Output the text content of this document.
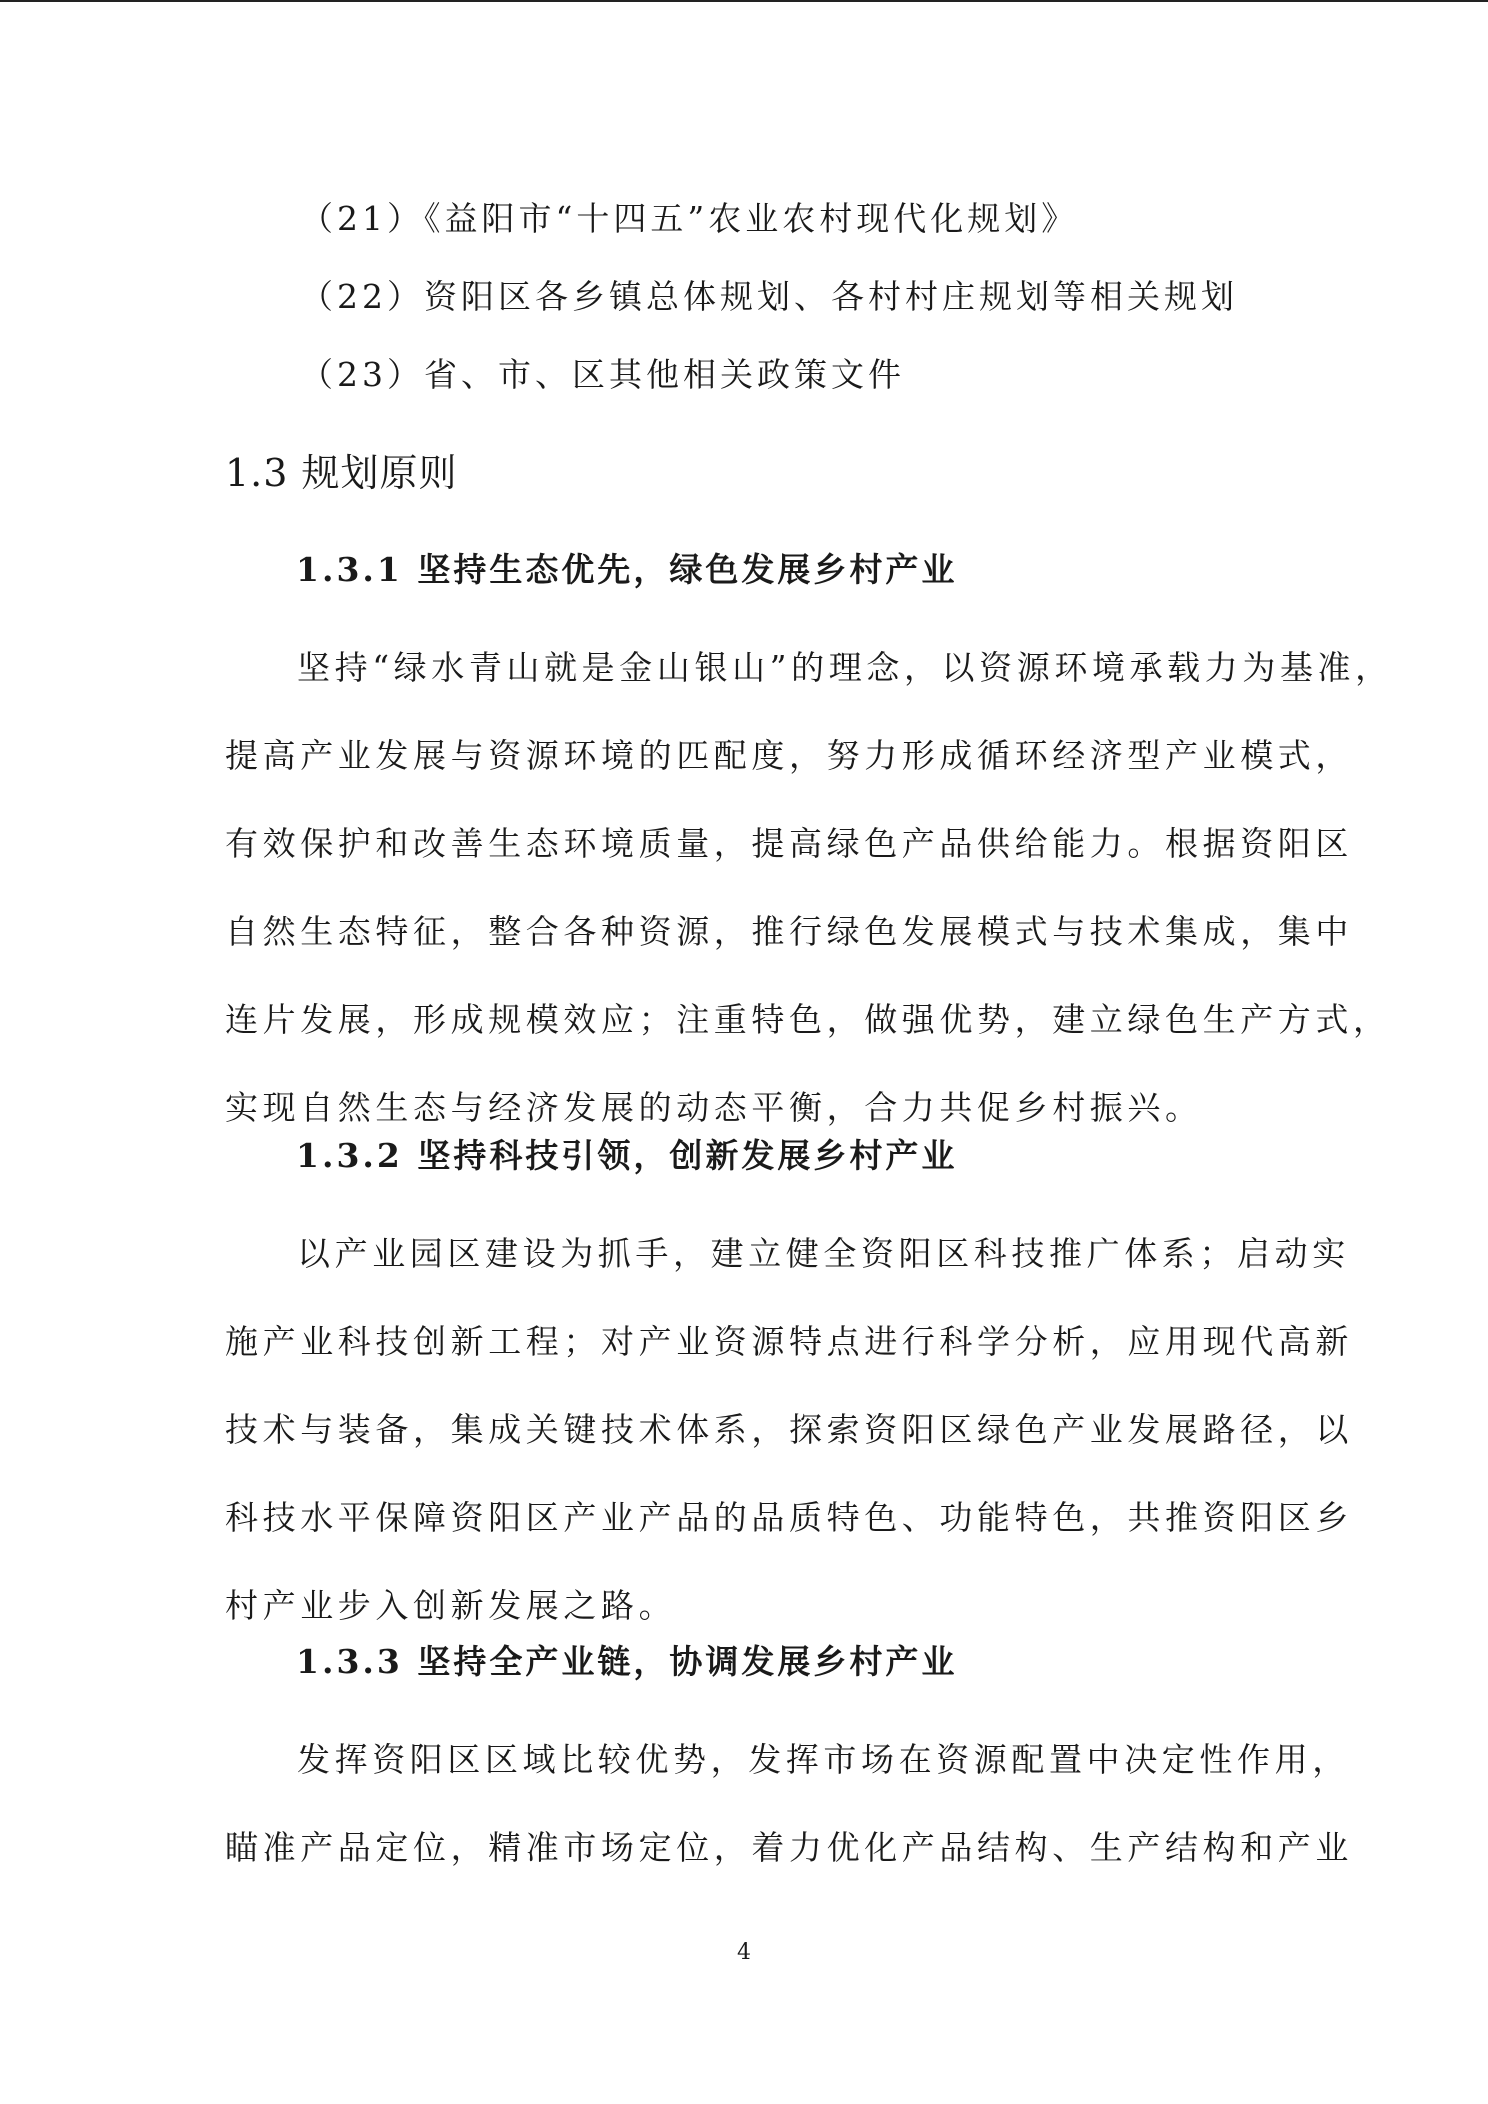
（21）《益阳市“十四五”农业农村现代化规划》
（22）资阳区各乡镇总体规划、各村村庄规划等相关规划
（23）省、市、区其他相关政策文件
1.3 规划原则
1.3.1 坚持生态优先，绿色发展乡村产业
坚持“绿水青山就是金山银山”的理念，以资源环境承载力为基准，
提高产业发展与资源环境的匹配度，努力形成循环经济型产业模式，
有效保护和改善生态环境质量，提高绿色产品供给能力。根据资阳区
自然生态特征，整合各种资源，推行绿色发展模式与技术集成，集中
连片发展，形成规模效应；注重特色，做强优势，建立绿色生产方式，
实现自然生态与经济发展的动态平衡，合力共促乡村振兴。
1.3.2 坚持科技引领，创新发展乡村产业
以产业园区建设为抓手，建立健全资阳区科技推广体系；启动实
施产业科技创新工程；对产业资源特点进行科学分析，应用现代高新
技术与装备，集成关键技术体系，探索资阳区绿色产业发展路径，以
科技水平保障资阳区产业产品的品质特色、功能特色，共推资阳区乡
村产业步入创新发展之路。
1.3.3 坚持全产业链，协调发展乡村产业
发挥资阳区区域比较优势，发挥市场在资源配置中决定性作用，
瞄准产品定位，精准市场定位，着力优化产品结构、生产结构和产业
4
